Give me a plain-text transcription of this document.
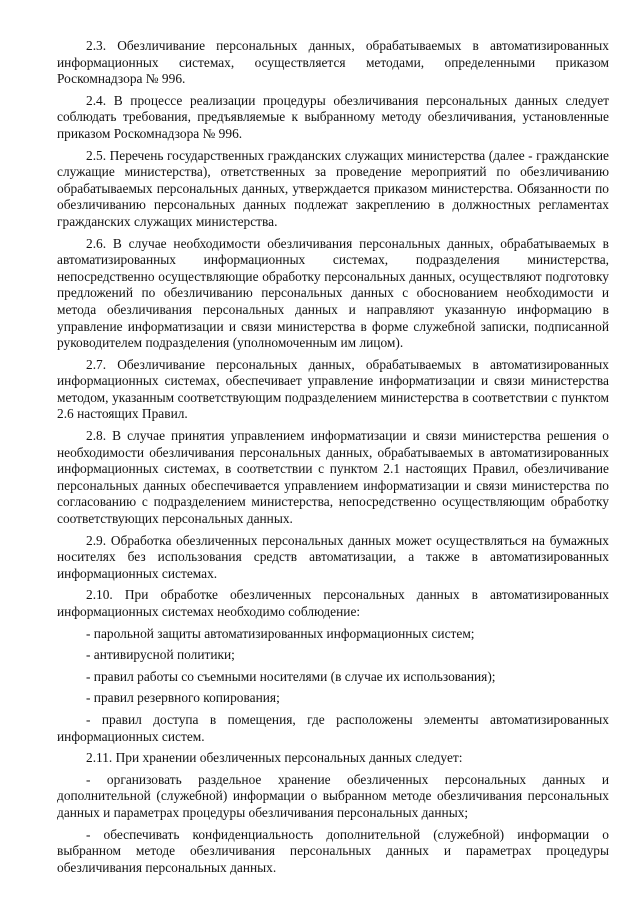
2.3. Обезличивание персональных данных, обрабатываемых в автоматизированных информационных системах, осуществляется методами, определенными приказом Роскомнадзора № 996.

2.4. В процессе реализации процедуры обезличивания персональных данных следует соблюдать требования, предъявляемые к выбранному методу обезличивания, установленные приказом Роскомнадзора № 996.

2.5. Перечень государственных гражданских служащих министерства (далее - гражданские служащие министерства), ответственных за проведение мероприятий по обезличиванию обрабатываемых персональных данных, утверждается приказом министерства. Обязанности по обезличиванию персональных данных подлежат закреплению в должностных регламентах гражданских служащих министерства.

2.6. В случае необходимости обезличивания персональных данных, обрабатываемых в автоматизированных информационных системах, подразделения министерства, непосредственно осуществляющие обработку персональных данных, осуществляют подготовку предложений по обезличиванию персональных данных с обоснованием необходимости и метода обезличивания персональных данных и направляют указанную информацию в управление информатизации и связи министерства в форме служебной записки, подписанной руководителем подразделения (уполномоченным им лицом).

2.7. Обезличивание персональных данных, обрабатываемых в автоматизированных информационных системах, обеспечивает управление информатизации и связи министерства методом, указанным соответствующим подразделением министерства в соответствии с пунктом 2.6 настоящих Правил.

2.8. В случае принятия управлением информатизации и связи министерства решения о необходимости обезличивания персональных данных, обрабатываемых в автоматизированных информационных системах, в соответствии с пунктом 2.1 настоящих Правил, обезличивание персональных данных обеспечивается управлением информатизации и связи министерства по согласованию с подразделением министерства, непосредственно осуществляющим обработку соответствующих персональных данных.

2.9. Обработка обезличенных персональных данных может осуществляться на бумажных носителях без использования средств автоматизации, а также в автоматизированных информационных системах.

2.10. При обработке обезличенных персональных данных в автоматизированных информационных системах необходимо соблюдение:

- парольной защиты автоматизированных информационных систем;

- антивирусной политики;

- правил работы со съемными носителями (в случае их использования);

- правил резервного копирования;

- правил доступа в помещения, где расположены элементы автоматизированных информационных систем.

2.11. При хранении обезличенных персональных данных следует:

- организовать раздельное хранение обезличенных персональных данных и дополнительной (служебной) информации о выбранном методе обезличивания персональных данных и параметрах процедуры обезличивания персональных данных;

- обеспечивать конфиденциальность дополнительной (служебной) информации о выбранном методе обезличивания персональных данных и параметрах процедуры обезличивания персональных данных.
